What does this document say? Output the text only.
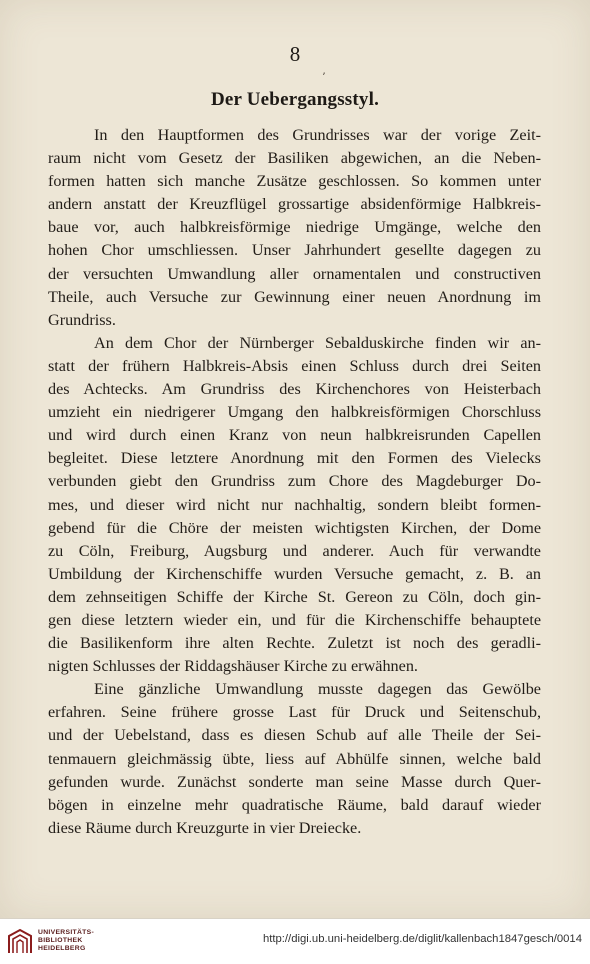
8
ʼ
Der Uebergangsstyl.
In den Hauptformen des Grundrisses war der vorige Zeit-
raum nicht vom Gesetz der Basiliken abgewichen, an die Neben-
formen hatten sich manche Zusätze geschlossen. So kommen unter
andern anstatt der Kreuzflügel grossartige absidenförmige Halbkreis-
baue vor, auch halbkreisförmige niedrige Umgänge, welche den
hohen Chor umschliessen. Unser Jahrhundert gesellte dagegen zu
der versuchten Umwandlung aller ornamentalen und constructiven
Theile, auch Versuche zur Gewinnung einer neuen Anordnung im
Grundriss.
An dem Chor der Nürnberger Sebalduskirche finden wir an-
statt der frühern Halbkreis-Absis einen Schluss durch drei Seiten
des Achtecks. Am Grundriss des Kirchenchores von Heisterbach
umzieht ein niedrigerer Umgang den halbkreisförmigen Chorschluss
und wird durch einen Kranz von neun halbkreisrunden Capellen
begleitet. Diese letztere Anordnung mit den Formen des Vielecks
verbunden giebt den Grundriss zum Chore des Magdeburger Do-
mes, und dieser wird nicht nur nachhaltig, sondern bleibt formen-
gebend für die Chöre der meisten wichtigsten Kirchen, der Dome
zu Cöln, Freiburg, Augsburg und anderer. Auch für verwandte
Umbildung der Kirchenschiffe wurden Versuche gemacht, z. B. an
dem zehnseitigen Schiffe der Kirche St. Gereon zu Cöln, doch gin-
gen diese letztern wieder ein, und für die Kirchenschiffe behauptete
die Basilikenform ihre alten Rechte. Zuletzt ist noch des geradli-
nigten Schlusses der Riddagshäuser Kirche zu erwähnen.
Eine gänzliche Umwandlung musste dagegen das Gewölbe
erfahren. Seine frühere grosse Last für Druck und Seitenschub,
und der Uebelstand, dass es diesen Schub auf alle Theile der Sei-
tenmauern gleichmässig übte, liess auf Abhülfe sinnen, welche bald
gefunden wurde. Zunächst sonderte man seine Masse durch Quer-
bögen in einzelne mehr quadratische Räume, bald darauf wieder
diese Räume durch Kreuzgurte in vier Dreiecke.
UNIVERSITÄTS-
BIBLIOTHEK
HEIDELBERG
http://digi.ub.uni-heidelberg.de/diglit/kallenbach1847gesch/0014
